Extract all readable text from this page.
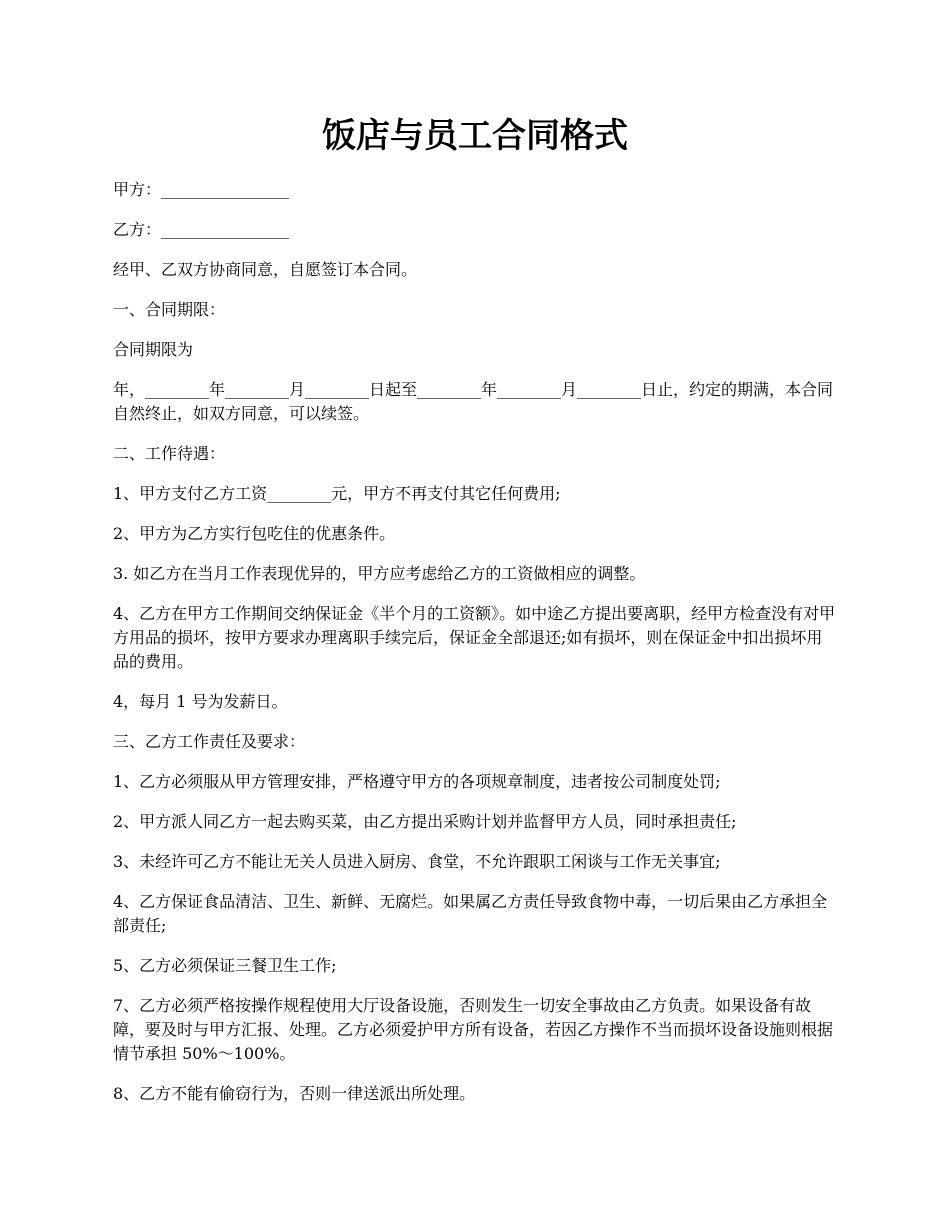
饭店与员工合同格式

甲方：________________

乙方：________________

经甲、乙双方协商同意，自愿签订本合同。

一、合同期限：

合同期限为

年，________年________月________日起至________年________月________日止，约定的期满，本合同自然终止，如双方同意，可以续签。

二、工作待遇：

1、甲方支付乙方工资________元，甲方不再支付其它任何费用;

2、甲方为乙方实行包吃住的优惠条件。

3. 如乙方在当月工作表现优异的，甲方应考虑给乙方的工资做相应的调整。

4、乙方在甲方工作期间交纳保证金《半个月的工资额》。如中途乙方提出要离职，经甲方检查没有对甲方用品的损坏，按甲方要求办理离职手续完后，保证金全部退还;如有损坏，则在保证金中扣出损坏用品的费用。

4，每月 1 号为发薪日。

三、乙方工作责任及要求：

1、乙方必须服从甲方管理安排，严格遵守甲方的各项规章制度，违者按公司制度处罚;

2、甲方派人同乙方一起去购买菜，由乙方提出采购计划并监督甲方人员，同时承担责任;

3、未经许可乙方不能让无关人员进入厨房、食堂，不允许跟职工闲谈与工作无关事宜;

4、乙方保证食品清洁、卫生、新鲜、无腐烂。如果属乙方责任导致食物中毒，一切后果由乙方承担全部责任;

5、乙方必须保证三餐卫生工作;

7、乙方必须严格按操作规程使用大厅设备设施，否则发生一切安全事故由乙方负责。如果设备有故障，要及时与甲方汇报、处理。乙方必须爱护甲方所有设备，若因乙方操作不当而损坏设备设施则根据情节承担 50%～100%。

8、乙方不能有偷窃行为，否则一律送派出所处理。
